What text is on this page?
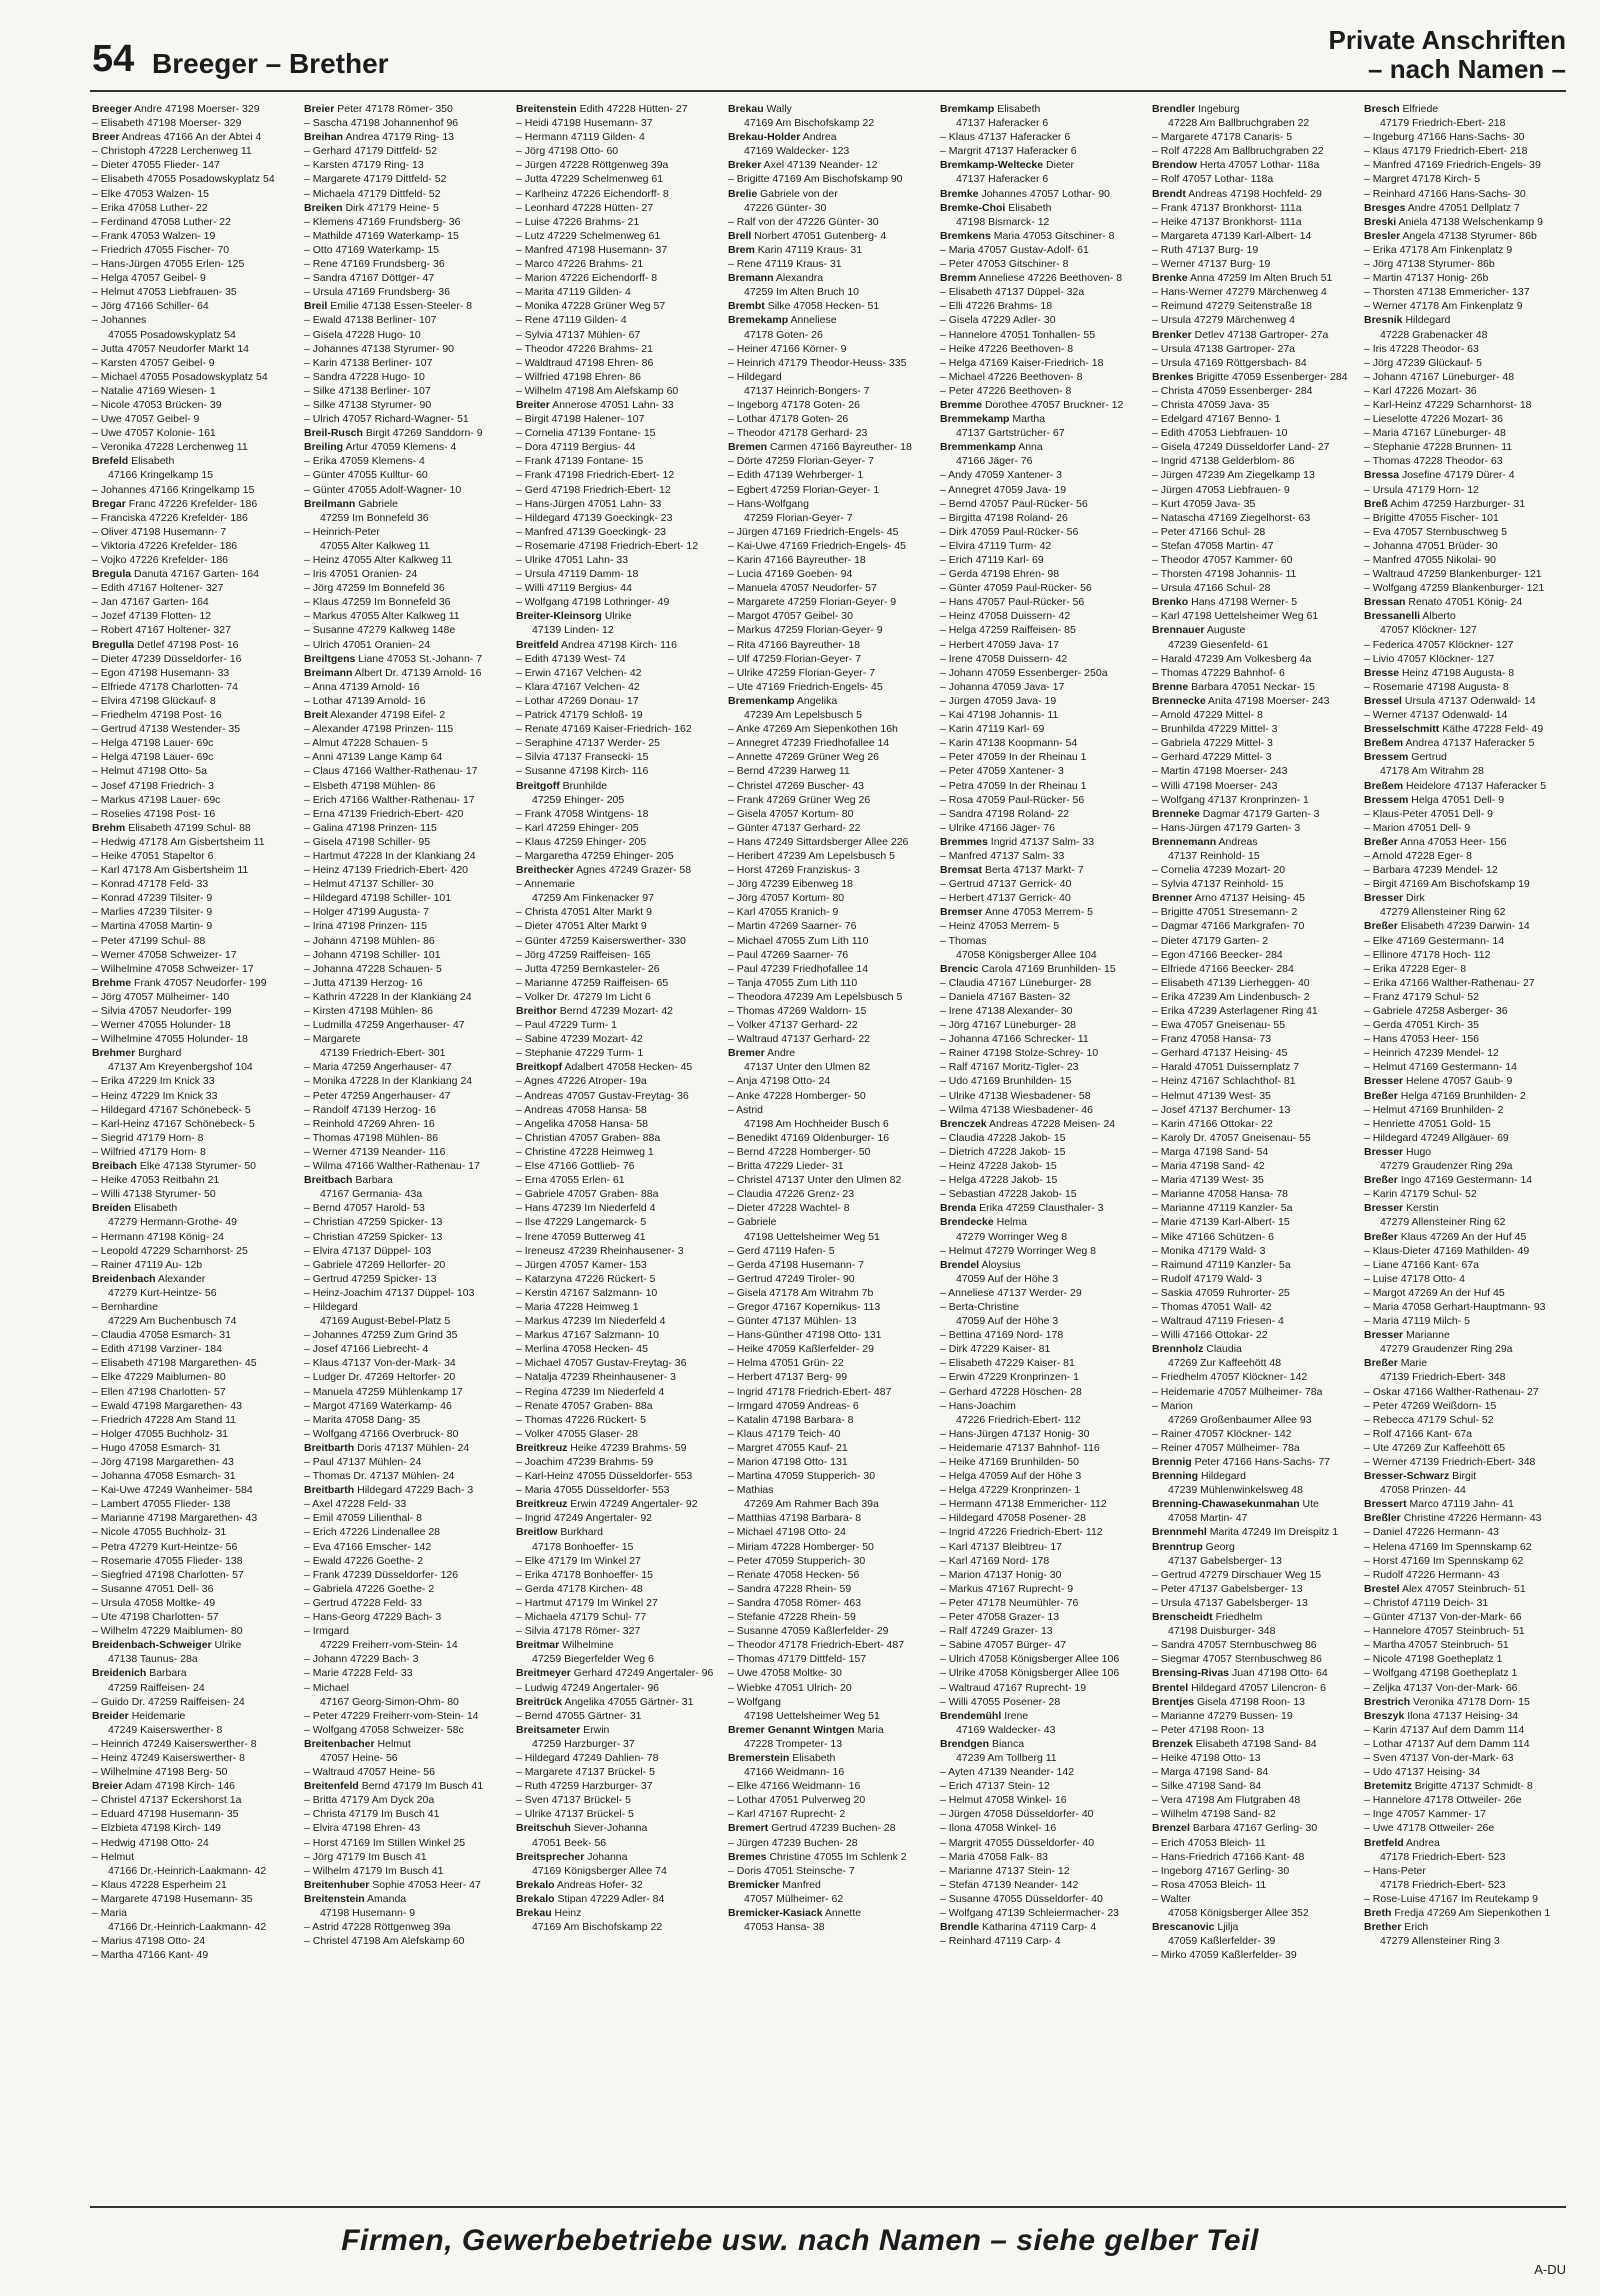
54 Breeger – Brether
Private Anschriften
– nach Namen –
Breeger Andre 47198 Moerser- 329
– Elisabeth 47198 Moerser- 329
Breer Andreas 47166 An der Abtei 4
– Christoph 47228 Lerchenweg 11
– Dieter 47055 Flieder- 147
– Elisabeth 47055 Posadowskyplatz 54
– Elke 47053 Walzen- 15
– Erika 47058 Luther- 22
– Ferdinand 47058 Luther- 22
– Frank 47053 Walzen- 19
– Friedrich 47055 Fischer- 70
– Hans-Jürgen 47055 Erlen- 125
– Helga 47057 Geibel- 9
– Helmut 47053 Liebfrauen- 35
– Jörg 47166 Schiller- 64
– Johannes
47055 Posadowskyplatz 54
– Jutta 47057 Neudorfer Markt 14
– Karsten 47057 Geibel- 9
– Michael 47055 Posadowskyplatz 54
– Natalie 47169 Wiesen- 1
– Nicole 47053 Brücken- 39
– Uwe 47057 Geibel- 9
– Uwe 47057 Kolonie- 161
– Veronika 47228 Lerchenweg 11
Brefeld Elisabeth
47166 Kringelkamp 15
– Johannes 47166 Kringelkamp 15
Bregar Franc 47226 Krefelder- 186
– Franciska 47226 Krefelder- 186
– Oliver 47198 Husemann- 7
– Viktoria 47226 Krefelder- 186
– Vojko 47226 Krefelder- 186
Bregula Danuta 47167 Garten- 164
– Edith 47167 Holtener- 327
– Jan 47167 Garten- 164
– Jozef 47139 Flotten- 12
– Robert 47167 Holtener- 327
Bregulla Detlef 47198 Post- 16
– Dieter 47239 Düsseldorfer- 16
– Egon 47198 Husemann- 33
– Elfriede 47178 Charlotten- 74
– Elvira 47198 Glückauf- 8
– Friedhelm 47198 Post- 16
– Gertrud 47138 Westender- 35
– Helga 47198 Lauer- 69c
– Helga 47198 Lauer- 69c
– Helmut 47198 Otto- 5a
– Josef 47198 Friedrich- 3
– Markus 47198 Lauer- 69c
– Roselies 47198 Post- 16
Brehm Elisabeth 47199 Schul- 88
– Hedwig 47178 Am Gisbertsheim 11
– Heike 47051 Stapeltor 6
– Karl 47178 Am Gisbertsheim 11
– Konrad 47178 Feld- 33
– Konrad 47239 Tilsiter- 9
– Marlies 47239 Tilsiter- 9
– Martina 47058 Martin- 9
– Peter 47199 Schul- 88
– Werner 47058 Schweizer- 17
– Wilhelmine 47058 Schweizer- 17
Brehme Frank 47057 Neudorfer- 199
– Jörg 47057 Mülheimer- 140
– Silvia 47057 Neudorfer- 199
– Werner 47055 Holunder- 18
– Wilhelmine 47055 Holunder- 18
Brehmer Burghard
47137 Am Kreyenbergshof 104
– Erika 47229 Im Knick 33
– Heinz 47229 Im Knick 33
– Hildegard 47167 Schönebeck- 5
– Karl-Heinz 47167 Schönebeck- 5
– Siegrid 47179 Horn- 8
– Wilfried 47179 Horn- 8
Breibach Elke 47138 Styrumer- 50
– Heike 47053 Reitbahn 21
– Willi 47138 Styrumer- 50
Breiden Elisabeth
47279 Hermann-Grothe- 49
– Hermann 47198 König- 24
– Leopold 47229 Scharnhorst- 25
– Rainer 47119 Au- 12b
Breidenbach Alexander
47279 Kurt-Heintze- 56
– Bernhardine
47229 Am Buchenbusch 74
– Claudia 47058 Esmarch- 31
– Edith 47198 Varziner- 184
– Elisabeth 47198 Margarethen- 45
– Elke 47229 Maiblumen- 80
– Ellen 47198 Charlotten- 57
– Ewald 47198 Margarethen- 43
– Friedrich 47228 Am Stand 11
– Holger 47055 Buchholz- 31
– Hugo 47058 Esmarch- 31
– Jörg 47198 Margarethen- 43
– Johanna 47058 Esmarch- 31
– Kai-Uwe 47249 Wanheimer- 584
– Lambert 47055 Flieder- 138
– Marianne 47198 Margarethen- 43
– Nicole 47055 Buchholz- 31
– Petra 47279 Kurt-Heintze- 56
– Rosemarie 47055 Flieder- 138
– Siegfried 47198 Charlotten- 57
– Susanne 47051 Dell- 36
– Ursula 47058 Moltke- 49
– Ute 47198 Charlotten- 57
– Wilhelm 47229 Maiblumen- 80
Breidenbach-Schweiger Ulrike
47138 Taunus- 28a
Breidenich Barbara
47259 Raiffeisen- 24
– Guido Dr. 47259 Raiffeisen- 24
Breider Heidemarie
47249 Kaiserswerther- 8
– Heinrich 47249 Kaiserswerther- 8
– Heinz 47249 Kaiserswerther- 8
– Wilhelmine 47198 Berg- 50
Breier Adam 47198 Kirch- 146
– Christel 47137 Eckershorst 1a
– Eduard 47198 Husemann- 35
– Elzbieta 47198 Kirch- 149
– Hedwig 47198 Otto- 24
– Helmut
47166 Dr.-Heinrich-Laakmann- 42
– Klaus 47228 Esperheim 21
– Margarete 47198 Husemann- 35
– Maria
47166 Dr.-Heinrich-Laakmann- 42
– Marius 47198 Otto- 24
– Martha 47166 Kant- 49
Breier Peter 47178 Römer- 350
– Sascha 47198 Johannenhof 96
Breihan Andrea 47179 Ring- 13
– Gerhard 47179 Dittfeld- 52
– Karsten 47179 Ring- 13
– Margarete 47179 Dittfeld- 52
– Michaela 47179 Dittfeld- 52
Breiken Dirk 47179 Heine- 5
– Klemens 47169 Frundsberg- 36
– Mathilde 47169 Waterkamp- 15
– Otto 47169 Waterkamp- 15
– Rene 47169 Frundsberg- 36
– Sandra 47167 Döttger- 47
– Ursula 47169 Frundsberg- 36
Breil Emilie 47138 Essen-Steeler- 8
– Ewald 47138 Berliner- 107
– Gisela 47228 Hugo- 10
– Johannes 47138 Styrumer- 90
– Karin 47138 Berliner- 107
– Sandra 47228 Hugo- 10
– Silke 47138 Berliner- 107
– Silke 47138 Styrumer- 90
– Ulrich 47057 Richard-Wagner- 51
Breil-Rusch Birgit 47269 Sanddorn- 9
Breiling Artur 47059 Klemens- 4
– Erika 47059 Klemens- 4
– Günter 47055 Kulltur- 60
– Günter 47055 Adolf-Wagner- 10
Breilmann Gabriele
47259 Im Bonnefeld 36
– Heinrich-Peter
47055 Alter Kalkweg 11
– Heinz 47055 Alter Kalkweg 11
– Iris 47051 Oranien- 24
– Jörg 47259 Im Bonnefeld 36
– Klaus 47259 Im Bonnefeld 36
– Markus 47055 Alter Kalkweg 11
– Susanne 47279 Kalkweg 148e
– Ulrich 47051 Oranien- 24
Breiltgens Liane 47053 St.-Johann- 7
Breimann Albert Dr. 47139 Arnold- 16
– Anna 47139 Arnold- 16
– Lothar 47139 Arnold- 16
Breit Alexander 47198 Eifel- 2
– Alexander 47198 Prinzen- 115
– Almut 47228 Schauen- 5
– Anni 47139 Lange Kamp 64
– Claus 47166 Walther-Rathenau- 17
– Elsbeth 47198 Mühlen- 86
– Erich 47166 Walther-Rathenau- 17
– Erna 47139 Friedrich-Ebert- 420
– Galina 47198 Prinzen- 115
– Gisela 47198 Schiller- 95
– Hartmut 47228 In der Klankiang 24
– Heinz 47139 Friedrich-Ebert- 420
– Helmut 47137 Schiller- 30
– Hildegard 47198 Schiller- 101
– Holger 47199 Augusta- 7
– Irina 47198 Prinzen- 115
– Johann 47198 Mühlen- 86
– Johann 47198 Schiller- 101
– Johanna 47228 Schauen- 5
– Jutta 47139 Herzog- 16
– Kathrin 47228 In der Klankiang 24
– Kirsten 47198 Mühlen- 86
– Ludmilla 47259 Angerhauser- 47
– Margarete
47139 Friedrich-Ebert- 301
– Maria 47259 Angerhauser- 47
– Monika 47228 In der Klankiang 24
– Peter 47259 Angerhauser- 47
– Randolf 47139 Herzog- 16
– Reinhold 47269 Ahren- 16
– Thomas 47198 Mühlen- 86
– Werner 47139 Neander- 116
– Wilma 47166 Walther-Rathenau- 17
Breitbach Barbara
47167 Germania- 43a
– Bernd 47057 Harold- 53
– Christian 47259 Spicker- 13
– Christian 47259 Spicker- 13
– Elvira 47137 Düppel- 103
– Gabriele 47269 Hellorfer- 20
– Gertrud 47259 Spicker- 13
– Heinz-Joachim 47137 Düppel- 103
– Hildegard
47169 August-Bebel-Platz 5
– Johannes 47259 Zum Grind 35
– Josef 47166 Liebrecht- 4
– Klaus 47137 Von-der-Mark- 34
– Ludger Dr. 47269 Heltorfer- 20
– Manuela 47259 Mühlenkamp 17
– Margot 47169 Waterkamp- 46
– Marita 47058 Dang- 35
– Wolfgang 47166 Overbruck- 80
Breitbarth Doris 47137 Mühlen- 24
– Paul 47137 Mühlen- 24
– Thomas Dr. 47137 Mühlen- 24
Breitbarth Hildegard 47229 Bach- 3
– Axel 47228 Feld- 33
– Emil 47059 Lilienthal- 8
– Erich 47226 Lindenallee 28
– Eva 47166 Emscher- 142
– Ewald 47226 Goethe- 2
– Frank 47239 Düsseldorfer- 126
– Gabriela 47226 Goethe- 2
– Gertrud 47228 Feld- 33
– Hans-Georg 47229 Bach- 3
– Irmgard
47229 Freiherr-vom-Stein- 14
– Johann 47229 Bach- 3
– Marie 47228 Feld- 33
– Michael
47167 Georg-Simon-Ohm- 80
– Peter 47229 Freiherr-vom-Stein- 14
– Wolfgang 47058 Schweizer- 58c
Breitenbacher Helmut
47057 Heine- 56
– Waltraud 47057 Heine- 56
Breitenfeld Bernd 47179 Im Busch 41
– Britta 47179 Am Dyck 20a
– Christa 47179 Im Busch 41
– Elvira 47198 Ehren- 43
– Horst 47169 Im Stillen Winkel 25
– Jörg 47179 Im Busch 41
– Wilhelm 47179 Im Busch 41
Breitenhuber Sophie 47053 Heer- 47
Breitenstein Amanda
47198 Husemann- 9
– Astrid 47228 Röttgenweg 39a
– Christel 47198 Am Alefskamp 60
Breitenstein Edith 47228 Hütten- 27
– Heidi 47198 Husemann- 37
– Hermann 47119 Gilden- 4
– Jörg 47198 Otto- 60
– Jürgen 47228 Röttgenweg 39a
– Jutta 47229 Schelmenweg 61
– Karlheinz 47226 Eichendorff- 8
– Leonhard 47228 Hütten- 27
– Luise 47226 Brahms- 21
– Lutz 47229 Schelmenweg 61
– Manfred 47198 Husemann- 37
– Marco 47226 Brahms- 21
– Marion 47226 Eichendorff- 8
– Marita 47119 Gilden- 4
– Monika 47228 Grüner Weg 57
– Rene 47119 Gilden- 4
– Sylvia 47137 Mühlen- 67
– Theodor 47226 Brahms- 21
– Waldtraud 47198 Ehren- 86
– Wilfried 47198 Ehren- 86
– Wilhelm 47198 Am Alefskamp 60
Breiter Annerose 47051 Lahn- 33
– Birgit 47198 Halener- 107
– Cornelia 47139 Fontane- 15
– Dora 47119 Bergius- 44
– Frank 47139 Fontane- 15
– Frank 47198 Friedrich-Ebert- 12
– Gerd 47198 Friedrich-Ebert- 12
– Hans-Jürgen 47051 Lahn- 33
– Hildegard 47139 Goeckingk- 23
– Manfred 47139 Goeckingk- 23
– Rosemarie 47198 Friedrich-Ebert- 12
– Ulrike 47051 Lahn- 33
– Ursula 47119 Damm- 18
– Willi 47119 Bergius- 44
– Wolfgang 47198 Lothringer- 49
Breiter-Kleinsorg Ulrike
47139 Linden- 12
Breitfeld Andrea 47198 Kirch- 116
– Edith 47139 West- 74
– Erwin 47167 Velchen- 42
– Klara 47167 Velchen- 42
– Lothar 47269 Donau- 17
– Patrick 47179 Schloß- 19
– Renate 47169 Kaiser-Friedrich- 162
– Seraphine 47137 Werder- 25
– Silvia 47137 Fransecki- 15
– Susanne 47198 Kirch- 116
Breitgoff Brunhilde
47259 Ehinger- 205
– Frank 47058 Wintgens- 18
– Karl 47259 Ehinger- 205
– Klaus 47259 Ehinger- 205
– Margaretha 47259 Ehinger- 205
Breithecker Agnes 47249 Grazer- 58
– Annemarie
47259 Am Finkenacker 97
– Christa 47051 Alter Markt 9
– Dieter 47051 Alter Markt 9
– Günter 47259 Kaiserswerther- 330
– Jörg 47259 Raiffeisen- 165
– Jutta 47259 Bernkasteler- 26
– Marianne 47259 Raiffeisen- 65
– Volker Dr. 47279 Im Licht 6
Breithor Bernd 47239 Mozart- 42
– Paul 47229 Turm- 1
– Sabine 47239 Mozart- 42
– Stephanie 47229 Turm- 1
Breitkopf Adalbert 47058 Hecken- 45
– Agnes 47226 Atroper- 19a
– Andreas 47057 Gustav-Freytag- 36
– Andreas 47058 Hansa- 58
– Angelika 47058 Hansa- 58
– Christian 47057 Graben- 88a
– Christine 47228 Heimweg 1
– Else 47166 Gottlieb- 76
– Erna 47055 Erlen- 61
– Gabriele 47057 Graben- 88a
– Hans 47239 Im Niederfeld 4
– Ilse 47229 Langemarck- 5
– Irene 47059 Butterweg 41
– Ireneusz 47239 Rheinhausener- 3
– Jürgen 47057 Kamer- 153
– Katarzyna 47226 Rückert- 5
– Kerstin 47167 Salzmann- 10
– Maria 47228 Heimweg 1
– Markus 47239 Im Niederfeld 4
– Markus 47167 Salzmann- 10
– Merlina 47058 Hecken- 45
– Michael 47057 Gustav-Freytag- 36
– Natalja 47239 Rheinhausener- 3
– Regina 47239 Im Niederfeld 4
– Renate 47057 Graben- 88a
– Thomas 47226 Rückert- 5
– Volker 47055 Glaser- 28
Breitkreuz Heike 47239 Brahms- 59
– Joachim 47239 Brahms- 59
– Karl-Heinz 47055 Düsseldorfer- 553
– Maria 47055 Düsseldorfer- 553
Breitkreuz Erwin 47249 Angertaler- 92
– Ingrid 47249 Angertaler- 92
Breitlow Burkhard
47178 Bonhoeffer- 15
– Elke 47179 Im Winkel 27
– Erika 47178 Bonhoeffer- 15
– Gerda 47178 Kirchen- 48
– Hartmut 47179 Im Winkel 27
– Michaela 47179 Schul- 77
– Silvia 47178 Römer- 327
Breitmar Wilhelmine
47259 Biegerfelder Weg 6
Breitmeyer Gerhard 47249 Angertaler- 96
– Ludwig 47249 Angertaler- 96
Breitrück Angelika 47055 Gärtner- 31
– Bernd 47055 Gärtner- 31
Breitsameter Erwin
47259 Harzburger- 37
– Hildegard 47249 Dahlien- 78
– Margarete 47137 Brückel- 5
– Ruth 47259 Harzburger- 37
– Sven 47137 Brückel- 5
– Ulrike 47137 Brückel- 5
Breitschuh Siever-Johanna
47051 Beek- 56
Breitsprecher Johanna
47169 Königsberger Allee 74
Brekalo Andreas Hofer- 32
Brekalo Stipan 47229 Adler- 84
Brekau Heinz
47169 Am Bischofskamp 22
Brekau Wally
47169 Am Bischofskamp 22
Brekau-Holder Andrea
47169 Waldecker- 123
Breker Axel 47139 Neander- 12
– Brigitte 47169 Am Bischofskamp 90
Brelie Gabriele von der
47226 Günter- 30
– Ralf von der 47226 Günter- 30
Brell Norbert 47051 Gutenberg- 4
Brem Karin 47119 Kraus- 31
– Rene 47119 Kraus- 31
Bremann Alexandra
47259 Im Alten Bruch 10
Brembt Silke 47058 Hecken- 51
Bremekamp Anneliese
47178 Goten- 26
– Heiner 47166 Körner- 9
– Heinrich 47179 Theodor-Heuss- 335
– Hildegard
47137 Heinrich-Bongers- 7
– Ingeborg 47178 Goten- 26
– Lothar 47178 Goten- 26
– Theodor 47178 Gerhard- 23
Bremen Carmen 47166 Bayreuther- 18
– Dörte 47259 Florian-Geyer- 7
– Edith 47139 Wehrberger- 1
– Egbert 47259 Florian-Geyer- 1
– Hans-Wolfgang
47259 Florian-Geyer- 7
– Jürgen 47169 Friedrich-Engels- 45
– Kai-Uwe 47169 Friedrich-Engels- 45
– Karin 47166 Bayreuther- 18
– Lucia 47169 Goeben- 94
– Manuela 47057 Neudorfer- 57
– Margarete 47259 Florian-Geyer- 9
– Margot 47057 Geibel- 30
– Markus 47259 Florian-Geyer- 9
– Rita 47166 Bayreuther- 18
– Ulf 47259 Florian-Geyer- 7
– Ulrike 47259 Florian-Geyer- 7
– Ute 47169 Friedrich-Engels- 45
Bremenkamp Angelika
47239 Am Lepelsbusch 5
– Anke 47269 Am Siepenkothen 16h
– Annegret 47239 Friedhofallee 14
– Annette 47269 Grüner Weg 26
– Bernd 47239 Harweg 11
– Christel 47269 Buscher- 43
– Frank 47269 Grüner Weg 26
– Gisela 47057 Kortum- 80
– Günter 47137 Gerhard- 22
– Hans 47249 Sittardsberger Allee 226
– Heribert 47239 Am Lepelsbusch 5
– Horst 47269 Franziskus- 3
– Jörg 47239 Eibenweg 18
– Jörg 47057 Kortum- 80
– Karl 47055 Kranich- 9
– Martin 47269 Saarner- 76
– Michael 47055 Zum Lith 110
– Paul 47269 Saarner- 76
– Paul 47239 Friedhofallee 14
– Tanja 47055 Zum Lith 110
– Theodora 47239 Am Lepelsbusch 5
– Thomas 47269 Waldorn- 15
– Volker 47137 Gerhard- 22
– Waltraud 47137 Gerhard- 22
Bremer Andre
47137 Unter den Ulmen 82
– Anja 47198 Otto- 24
– Anke 47228 Homberger- 50
– Astrid
47198 Am Hochheider Busch 6
– Benedikt 47169 Oldenburger- 16
– Bernd 47228 Homberger- 50
– Britta 47229 Lieder- 31
– Christel 47137 Unter den Ulmen 82
– Claudia 47226 Grenz- 23
– Dieter 47228 Wachtel- 8
– Gabriele
47198 Uettelsheimer Weg 51
– Gerd 47119 Hafen- 5
– Gerda 47198 Husemann- 7
– Gertrud 47249 Tiroler- 90
– Gisela 47178 Am Witrahm 7b
– Gregor 47167 Kopernikus- 113
– Günter 47137 Mühlen- 13
– Hans-Günther 47198 Otto- 131
– Heike 47059 Kaßlerfelder- 29
– Helma 47051 Grün- 22
– Herbert 47137 Berg- 99
– Ingrid 47178 Friedrich-Ebert- 487
– Irmgard 47059 Andreas- 6
– Katalin 47198 Barbara- 8
– Klaus 47179 Teich- 40
– Margret 47055 Kauf- 21
– Marion 47198 Otto- 131
– Martina 47059 Stupperich- 30
– Mathias
47269 Am Rahmer Bach 39a
– Matthias 47198 Barbara- 8
– Michael 47198 Otto- 24
– Miriam 47228 Homberger- 50
– Peter 47059 Stupperich- 30
– Renate 47058 Hecken- 56
– Sandra 47228 Rhein- 59
– Sandra 47058 Römer- 463
– Stefanie 47228 Rhein- 59
– Susanne 47059 Kaßlerfelder- 29
– Theodor 47178 Friedrich-Ebert- 487
– Thomas 47179 Dittfeld- 157
– Uwe 47058 Moltke- 30
– Wiebke 47051 Ulrich- 20
– Wolfgang
47198 Uettelsheimer Weg 51
Bremer Genannt Wintgen Maria
47228 Trompeter- 13
Bremerstein Elisabeth
47166 Weidmann- 16
– Elke 47166 Weidmann- 16
– Lothar 47051 Pulverweg 20
– Karl 47167 Ruprecht- 2
Bremert Gertrud 47239 Buchen- 28
– Jürgen 47239 Buchen- 28
Bremes Christine 47055 Im Schlenk 2
– Doris 47051 Steinsche- 7
Bremicker Manfred
47057 Mülheimer- 62
Bremicker-Kasiack Annette
47053 Hansa- 38
Bremkamp Elisabeth
47137 Haferacker 6
– Klaus 47137 Haferacker 6
– Margrit 47137 Haferacker 6
Bremkamp-Weltecke Dieter
47137 Haferacker 6
Bremke Johannes 47057 Lothar- 90
Bremke-Choi Elisabeth
47198 Bismarck- 12
Bremkens Maria 47053 Gitschiner- 8
– Maria 47057 Gustav-Adolf- 61
– Peter 47053 Gitschiner- 8
Bremm Anneliese 47226 Beethoven- 8
– Elisabeth 47137 Düppel- 32a
– Elli 47226 Brahms- 18
– Gisela 47229 Adler- 30
– Hannelore 47051 Tonhallen- 55
– Heike 47226 Beethoven- 8
– Helga 47169 Kaiser-Friedrich- 18
– Michael 47226 Beethoven- 8
– Peter 47226 Beethoven- 8
Bremme Dorothee 47057 Bruckner- 12
Bremmekamp Martha
47137 Gartstrücher- 67
Bremmenkamp Anna
47166 Jäger- 76
– Andy 47059 Xantener- 3
– Annegret 47059 Java- 19
– Bernd 47057 Paul-Rücker- 56
– Birgitta 47198 Roland- 26
– Dirk 47059 Paul-Rücker- 56
– Elvira 47119 Turm- 42
– Erich 47119 Karl- 69
– Gerda 47198 Ehren- 98
– Günter 47059 Paul-Rücker- 56
– Hans 47057 Paul-Rücker- 56
– Heinz 47058 Duissern- 42
– Helga 47259 Raiffeisen- 85
– Herbert 47059 Java- 17
– Irene 47058 Duissern- 42
– Johann 47059 Essenberger- 250a
– Johanna 47059 Java- 17
– Jürgen 47059 Java- 19
– Kai 47198 Johannis- 11
– Karin 47119 Karl- 69
– Karin 47138 Koopmann- 54
– Peter 47059 In der Rheinau 1
– Peter 47059 Xantener- 3
– Petra 47059 In der Rheinau 1
– Rosa 47059 Paul-Rücker- 56
– Sandra 47198 Roland- 22
– Ulrike 47166 Jäger- 76
Bremmes Ingrid 47137 Salm- 33
– Manfred 47137 Salm- 33
Bremsat Berta 47137 Markt- 7
– Gertrud 47137 Gerrick- 40
– Herbert 47137 Gerrick- 40
Bremser Anne 47053 Merrem- 5
– Heinz 47053 Merrem- 5
– Thomas
47058 Königsberger Allee 104
Brencic Carola 47169 Brunhilden- 15
– Claudia 47167 Lüneburger- 28
– Daniela 47167 Basten- 32
– Irene 47138 Alexander- 30
– Jörg 47167 Lüneburger- 28
– Johanna 47166 Schrecker- 11
– Rainer 47198 Stolze-Schrey- 10
– Ralf 47167 Moritz-Tigler- 23
– Udo 47169 Brunhilden- 15
– Ulrike 47138 Wiesbadener- 58
– Wilma 47138 Wiesbadener- 46
Brenczek Andreas 47228 Meisen- 24
– Claudia 47228 Jakob- 15
– Dietrich 47228 Jakob- 15
– Heinz 47228 Jakob- 15
– Helga 47228 Jakob- 15
– Sebastian 47228 Jakob- 15
Brenda Erika 47259 Clausthaler- 3
Brendecke Helma
47279 Worringer Weg 8
– Helmut 47279 Worringer Weg 8
Brendel Aloysius
47059 Auf der Höhe 3
– Anneliese 47137 Werder- 29
– Berta-Christine
47059 Auf der Höhe 3
– Bettina 47169 Nord- 178
– Dirk 47229 Kaiser- 81
– Elisabeth 47229 Kaiser- 81
– Erwin 47229 Kronprinzen- 1
– Gerhard 47228 Höschen- 28
– Hans-Joachim
47226 Friedrich-Ebert- 112
– Hans-Jürgen 47137 Honig- 30
– Heidemarie 47137 Bahnhof- 116
– Heike 47169 Brunhilden- 50
– Helga 47059 Auf der Höhe 3
– Helga 47229 Kronprinzen- 1
– Hermann 47138 Emmericher- 112
– Hildegard 47058 Posener- 28
– Ingrid 47226 Friedrich-Ebert- 112
– Karl 47137 Bleibtreu- 17
– Karl 47169 Nord- 178
– Marion 47137 Honig- 30
– Markus 47167 Ruprecht- 9
– Peter 47178 Neumühler- 76
– Peter 47058 Grazer- 13
– Ralf 47249 Grazer- 13
– Sabine 47057 Bürger- 47
– Ulrich 47058 Königsberger Allee 106
– Ulrike 47058 Königsberger Allee 106
– Waltraud 47167 Ruprecht- 19
– Willi 47055 Posener- 28
Brendemühl Irene
47169 Waldecker- 43
Brendgen Bianca
47239 Am Tollberg 11
– Ayten 47139 Neander- 142
– Erich 47137 Stein- 12
– Helmut 47058 Winkel- 16
– Jürgen 47058 Düsseldorfer- 40
– Ilona 47058 Winkel- 16
– Margrit 47055 Düsseldorfer- 40
– Maria 47058 Falk- 83
– Marianne 47137 Stein- 12
– Stefan 47139 Neander- 142
– Susanne 47055 Düsseldorfer- 40
– Wolfgang 47139 Schleiermacher- 23
Brendle Katharina 47119 Carp- 4
– Reinhard 47119 Carp- 4
Brendler Ingeburg
47228 Am Ballbruchgraben 22
– Margarete 47178 Canaris- 5
– Rolf 47228 Am Ballbruchgraben 22
Brendow Herta 47057 Lothar- 118a
– Rolf 47057 Lothar- 118a
Brendt Andreas 47198 Hochfeld- 29
– Frank 47137 Bronkhorst- 111a
– Heike 47137 Bronkhorst- 111a
– Margareta 47139 Karl-Albert- 14
– Ruth 47137 Burg- 19
– Werner 47137 Burg- 19
Brenke Anna 47259 Im Alten Bruch 51
– Hans-Werner 47279 Märchenweg 4
– Reimund 47279 Seitenstraße 18
– Ursula 47279 Märchenweg 4
Brenker Detlev 47138 Gartroper- 27a
– Ursula 47138 Gartroper- 27a
– Ursula 47169 Röttgersbach- 84
Brenkes Brigitte 47059 Essenberger- 284
– Christa 47059 Essenberger- 284
– Christa 47059 Java- 35
– Edelgard 47167 Benno- 1
– Edith 47053 Liebfrauen- 10
– Gisela 47249 Düsseldorfer Land- 27
– Ingrid 47138 Gelderblom- 86
– Jürgen 47239 Am Ziegelkamp 13
– Jürgen 47053 Liebfrauen- 9
– Kurt 47059 Java- 35
– Natascha 47169 Ziegelhorst- 63
– Peter 47166 Schul- 28
– Stefan 47058 Martin- 47
– Theodor 47057 Kammer- 60
– Thorsten 47198 Johannis- 11
– Ursula 47166 Schul- 28
Brenko Hans 47198 Werner- 5
– Karl 47198 Uettelsheimer Weg 61
Brennauer Auguste
47239 Giesenfeld- 61
– Harald 47239 Am Volkesberg 4a
– Thomas 47229 Bahnhof- 6
Brenne Barbara 47051 Neckar- 15
Brennecke Anita 47198 Moerser- 243
– Arnold 47229 Mittel- 8
– Brunhilda 47229 Mittel- 3
– Gabriela 47229 Mittel- 3
– Gerhard 47229 Mittel- 3
– Martin 47198 Moerser- 243
– Willi 47198 Moerser- 243
– Wolfgang 47137 Kronprinzen- 1
Brenneke Dagmar 47179 Garten- 3
– Hans-Jürgen 47179 Garten- 3
Brennemann Andreas
47137 Reinhold- 15
– Cornelia 47239 Mozart- 20
– Sylvia 47137 Reinhold- 15
Brenner Arno 47137 Heising- 45
– Brigitte 47051 Stresemann- 2
– Dagmar 47166 Markgrafen- 70
– Dieter 47179 Garten- 2
– Egon 47166 Beecker- 284
– Elfriede 47166 Beecker- 284
– Elisabeth 47139 Lierheggen- 40
– Erika 47239 Am Lindenbusch- 2
– Erika 47239 Asterlagener Ring 41
– Ewa 47057 Gneisenau- 55
– Franz 47058 Hansa- 73
– Gerhard 47137 Heising- 45
– Harald 47051 Duissernplatz 7
– Heinz 47167 Schlachthof- 81
– Helmut 47139 West- 35
– Josef 47137 Berchumer- 13
– Karin 47166 Ottokar- 22
– Karoly Dr. 47057 Gneisenau- 55
– Marga 47198 Sand- 54
– Maria 47198 Sand- 42
– Maria 47139 West- 35
– Marianne 47058 Hansa- 78
– Marianne 47119 Kanzler- 5a
– Marie 47139 Karl-Albert- 15
– Mike 47166 Schützen- 6
– Monika 47179 Wald- 3
– Raimund 47119 Kanzler- 5a
– Rudolf 47179 Wald- 3
– Saskia 47059 Ruhrorter- 25
– Thomas 47051 Wall- 42
– Waltraud 47119 Friesen- 4
– Willi 47166 Ottokar- 22
Brennholz Claudia
47269 Zur Kaffeehött 48
– Friedhelm 47057 Klöckner- 142
– Heidemarie 47057 Mülheimer- 78a
– Marion
47269 Großenbaumer Allee 93
– Rainer 47057 Klöckner- 142
– Reiner 47057 Mülheimer- 78a
Brennig Peter 47166 Hans-Sachs- 77
Brenning Hildegard
47239 Mühlenwinkelsweg 48
Brenning-Chawasekunmahan Ute
47058 Martin- 47
Brennmehl Marita 47249 Im Dreispitz 1
Brenntrup Georg
47137 Gabelsberger- 13
– Gertrud 47279 Dirschauer Weg 15
– Peter 47137 Gabelsberger- 13
– Ursula 47137 Gabelsberger- 13
Brenscheidt Friedhelm
47198 Duisburger- 348
– Sandra 47057 Sternbuschweg 86
– Siegmar 47057 Sternbuschweg 86
Brensing-Rivas Juan 47198 Otto- 64
Brentel Hildegard 47057 Lilencron- 6
Brentjes Gisela 47198 Roon- 13
– Marianne 47279 Bussen- 19
– Peter 47198 Roon- 13
Brenzek Elisabeth 47198 Sand- 84
– Heike 47198 Otto- 13
– Marga 47198 Sand- 84
– Silke 47198 Sand- 84
– Vera 47198 Am Flutgraben 48
– Wilhelm 47198 Sand- 82
Brenzel Barbara 47167 Gerling- 30
– Erich 47053 Bleich- 11
– Hans-Friedrich 47166 Kant- 48
– Ingeborg 47167 Gerling- 30
– Rosa 47053 Bleich- 11
– Walter
47058 Königsberger Allee 352
Brescanovic Ljilja
47059 Kaßlerfelder- 39
– Mirko 47059 Kaßlerfelder- 39
Bresch Elfriede
47179 Friedrich-Ebert- 218
– Ingeburg 47166 Hans-Sachs- 30
– Klaus 47179 Friedrich-Ebert- 218
– Manfred 47169 Friedrich-Engels- 39
– Margret 47178 Kirch- 5
– Reinhard 47166 Hans-Sachs- 30
Bresges Andre 47051 Dellplatz 7
Breski Aniela 47138 Welschenkamp 9
Bresler Angela 47138 Styrumer- 86b
– Erika 47178 Am Finkenplatz 9
– Jörg 47138 Styrumer- 86b
– Martin 47137 Honig- 26b
– Thorsten 47138 Emmericher- 137
– Werner 47178 Am Finkenplatz 9
Bresnik Hildegard
47228 Grabenacker 48
– Iris 47228 Theodor- 63
– Jörg 47239 Glückauf- 5
– Johann 47167 Lüneburger- 48
– Karl 47226 Mozart- 36
– Karl-Heinz 47229 Scharnhorst- 18
– Lieselotte 47226 Mozart- 36
– Maria 47167 Lüneburger- 48
– Stephanie 47228 Brunnen- 11
– Thomas 47228 Theodor- 63
Bressa Josefine 47179 Dürer- 4
– Ursula 47179 Horn- 12
Breß Achim 47259 Harzburger- 31
– Brigitte 47055 Fischer- 101
– Eva 47057 Sternbuschweg 5
– Johanna 47051 Brüder- 30
– Manfred 47055 Nikolai- 90
– Waltraud 47259 Blankenburger- 121
– Wolfgang 47259 Blankenburger- 121
Bressan Renato 47051 König- 24
Bressanelli Alberto
47057 Klöckner- 127
– Federica 47057 Klöckner- 127
– Livio 47057 Klöckner- 127
Bresse Heinz 47198 Augusta- 8
– Rosemarie 47198 Augusta- 8
Bressel Ursula 47137 Odenwald- 14
– Werner 47137 Odenwald- 14
Bresselschmitt Käthe 47228 Feld- 49
Breßem Andrea 47137 Haferacker 5
Bressem Gertrud
47178 Am Witrahm 28
Breßem Heidelore 47137 Haferacker 5
Bressem Helga 47051 Dell- 9
– Klaus-Peter 47051 Dell- 9
– Marion 47051 Dell- 9
Breßer Anna 47053 Heer- 156
– Arnold 47228 Eger- 8
– Barbara 47239 Mendel- 12
– Birgit 47169 Am Bischofskamp 19
Bresser Dirk
47279 Allensteiner Ring 62
Breßer Elisabeth 47239 Darwin- 14
– Elke 47169 Gestermann- 14
– Ellinore 47178 Hoch- 112
– Erika 47228 Eger- 8
– Erika 47166 Walther-Rathenau- 27
– Franz 47179 Schul- 52
– Gabriele 47258 Asberger- 36
– Gerda 47051 Kirch- 35
– Hans 47053 Heer- 156
– Heinrich 47239 Mendel- 12
– Helmut 47169 Gestermann- 14
Bresser Helene 47057 Gaub- 9
Breßer Helga 47169 Brunhilden- 2
– Helmut 47169 Brunhilden- 2
– Henriette 47051 Gold- 15
– Hildegard 47249 Allgäuer- 69
Bresser Hugo
47279 Graudenzer Ring 29a
Breßer Ingo 47169 Gestermann- 14
– Karin 47179 Schul- 52
Bresser Kerstin
47279 Allensteiner Ring 62
Breßer Klaus 47269 An der Huf 45
– Klaus-Dieter 47169 Mathilden- 49
– Liane 47166 Kant- 67a
– Luise 47178 Otto- 4
– Margot 47269 An der Huf 45
– Maria 47058 Gerhart-Hauptmann- 93
– Maria 47119 Milch- 5
Bresser Marianne
47279 Graudenzer Ring 29a
Breßer Marie
47139 Friedrich-Ebert- 348
– Oskar 47166 Walther-Rathenau- 27
– Peter 47269 Weißdorn- 15
– Rebecca 47179 Schul- 52
– Rolf 47166 Kant- 67a
– Ute 47269 Zur Kaffeehött 65
– Werner 47139 Friedrich-Ebert- 348
Bresser-Schwarz Birgit
47058 Prinzen- 44
Bressert Marco 47119 Jahn- 41
Breßler Christine 47226 Hermann- 43
– Daniel 47226 Hermann- 43
– Helena 47169 Im Spennskamp 62
– Horst 47169 Im Spennskamp 62
– Rudolf 47226 Hermann- 43
Brestel Alex 47057 Steinbruch- 51
– Christof 47119 Deich- 31
– Günter 47137 Von-der-Mark- 66
– Hannelore 47057 Steinbruch- 51
– Martha 47057 Steinbruch- 51
– Nicole 47198 Goetheplatz 1
– Wolfgang 47198 Goetheplatz 1
– Zeljka 47137 Von-der-Mark- 66
Brestrich Veronika 47178 Dorn- 15
Breszyk Ilona 47137 Heising- 34
– Karin 47137 Auf dem Damm 114
– Lothar 47137 Auf dem Damm 114
– Sven 47137 Von-der-Mark- 63
– Udo 47137 Heising- 34
Bretemitz Brigitte 47137 Schmidt- 8
– Hannelore 47178 Ottweiler- 26e
– Inge 47057 Kammer- 17
– Uwe 47178 Ottweiler- 26e
Bretfeld Andrea
47178 Friedrich-Ebert- 523
– Hans-Peter
47178 Friedrich-Ebert- 523
– Rose-Luise 47167 Im Reutekamp 9
Breth Fredja 47269 Am Siepenkothen 1
Brether Erich
47279 Allensteiner Ring 3
Firmen, Gewerbebetriebe usw. nach Namen – siehe gelber Teil
A-DU
